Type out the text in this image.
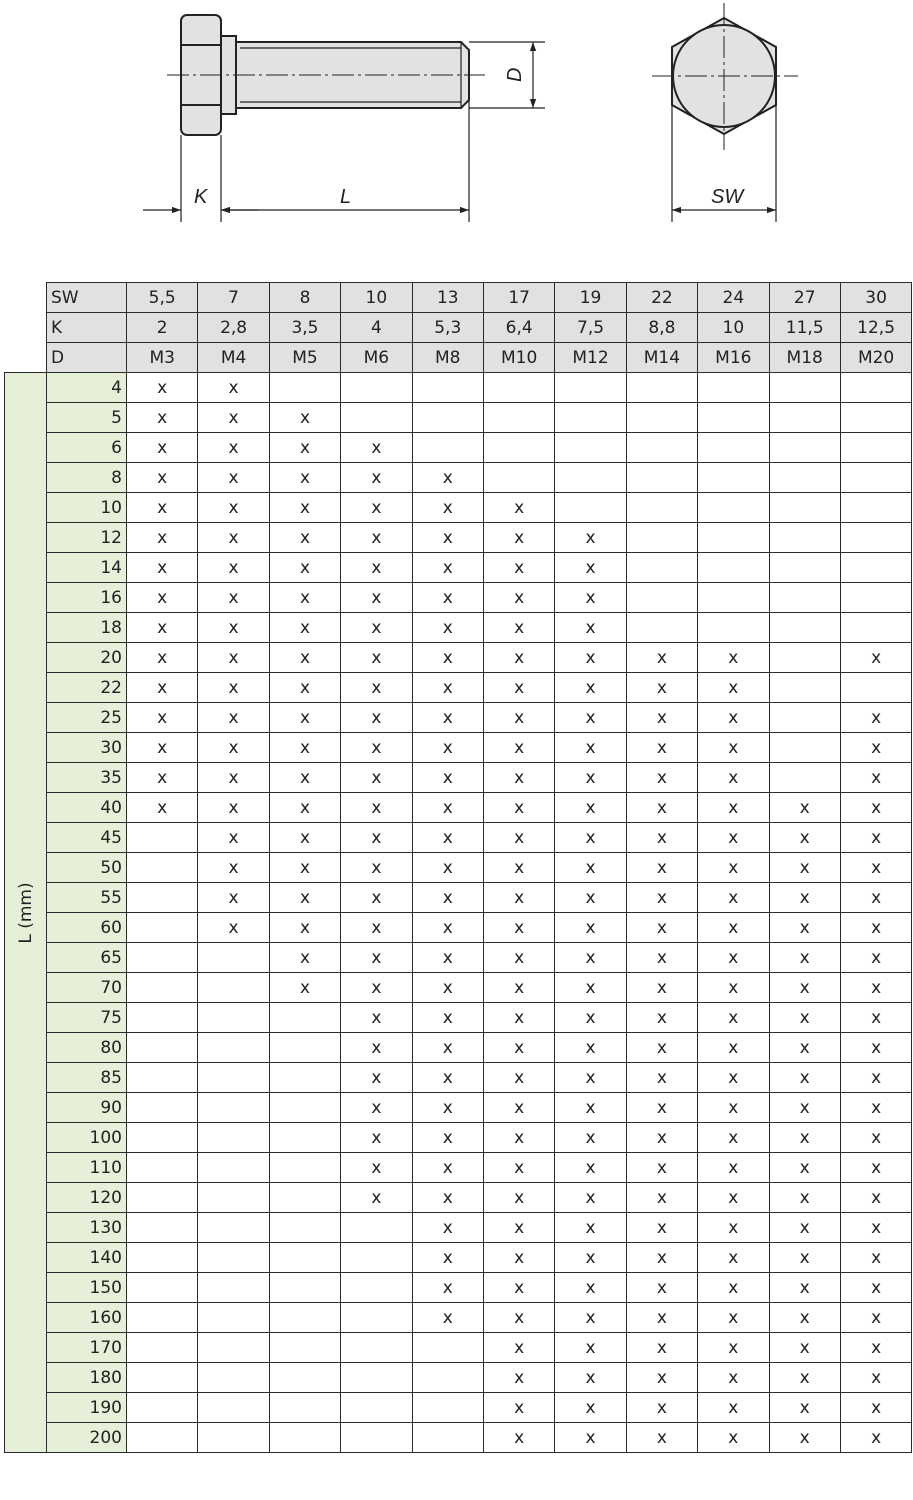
K	L	SW
D
	SW	5,5	7	8	10	13	17	19	22	24	27	30
	K	2	2,8	3,5	4	5,3	6,4	7,5	8,8	10	11,5	12,5
	D	M3	M4	M5	M6	M8	M10	M12	M14	M16	M18	M20

L (mm)	4	x	x									
	5	x	x	x								
	6	x	x	x	x							
	8	x	x	x	x	x						
	10	x	x	x	x	x	x					
	12	x	x	x	x	x	x	x				
	14	x	x	x	x	x	x	x				
	16	x	x	x	x	x	x	x				
	18	x	x	x	x	x	x	x				
	20	x	x	x	x	x	x	x	x	x		x
	22	x	x	x	x	x	x	x	x	x		
	25	x	x	x	x	x	x	x	x	x		x
	30	x	x	x	x	x	x	x	x	x		x
	35	x	x	x	x	x	x	x	x	x		x
	40	x	x	x	x	x	x	x	x	x	x	x
	45		x	x	x	x	x	x	x	x	x	x
	50		x	x	x	x	x	x	x	x	x	x
	55		x	x	x	x	x	x	x	x	x	x
	60		x	x	x	x	x	x	x	x	x	x
	65			x	x	x	x	x	x	x	x	x
	70			x	x	x	x	x	x	x	x	x
	75				x	x	x	x	x	x	x	x
	80				x	x	x	x	x	x	x	x
	85				x	x	x	x	x	x	x	x
	90				x	x	x	x	x	x	x	x
	100				x	x	x	x	x	x	x	x
	110				x	x	x	x	x	x	x	x
	120				x	x	x	x	x	x	x	x
	130					x	x	x	x	x	x	x
	140					x	x	x	x	x	x	x
	150					x	x	x	x	x	x	x
	160					x	x	x	x	x	x	x
	170						x	x	x	x	x	x
	180						x	x	x	x	x	x
	190						x	x	x	x	x	x
	200						x	x	x	x	x	x
